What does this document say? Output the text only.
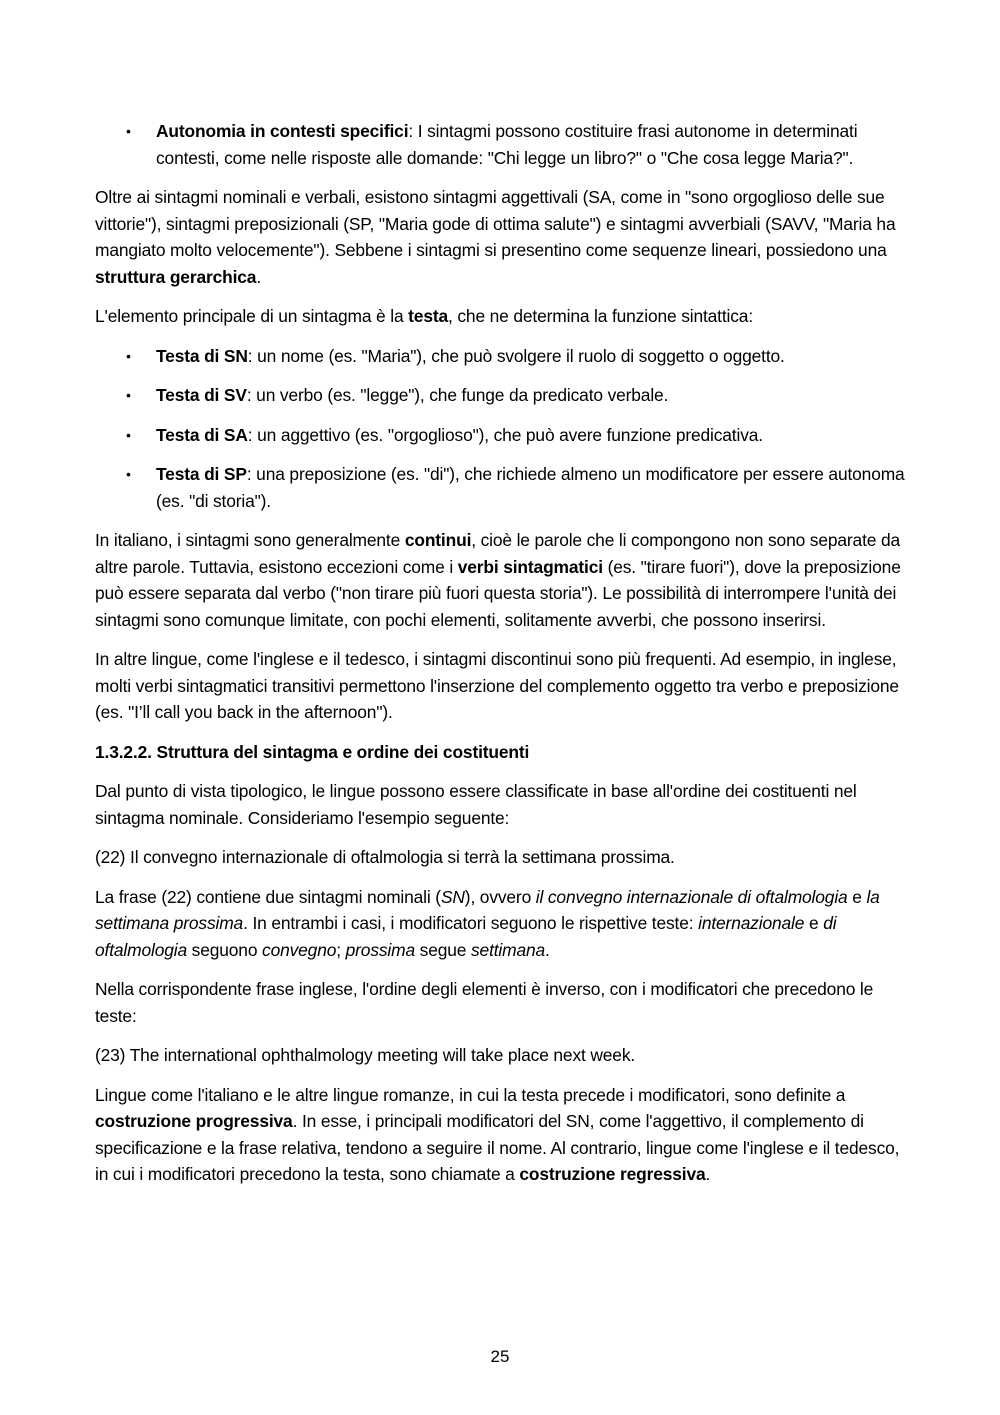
• Autonomia in contesti specifici: I sintagmi possono costituire frasi autonome in determinati contesti, come nelle risposte alle domande: "Chi legge un libro?" o "Che cosa legge Maria?".

Oltre ai sintagmi nominali e verbali, esistono sintagmi aggettivali (SA, come in "sono orgoglioso delle sue vittorie"), sintagmi preposizionali (SP, "Maria gode di ottima salute") e sintagmi avverbiali (SAVV, "Maria ha mangiato molto velocemente"). Sebbene i sintagmi si presentino come sequenze lineari, possiedono una struttura gerarchica.

L'elemento principale di un sintagma è la testa, che ne determina la funzione sintattica:

• Testa di SN: un nome (es. "Maria"), che può svolgere il ruolo di soggetto o oggetto.
• Testa di SV: un verbo (es. "legge"), che funge da predicato verbale.
• Testa di SA: un aggettivo (es. "orgoglioso"), che può avere funzione predicativa.
• Testa di SP: una preposizione (es. "di"), che richiede almeno un modificatore per essere autonoma (es. "di storia").

In italiano, i sintagmi sono generalmente continui, cioè le parole che li compongono non sono separate da altre parole. Tuttavia, esistono eccezioni come i verbi sintagmatici (es. "tirare fuori"), dove la preposizione può essere separata dal verbo ("non tirare più fuori questa storia"). Le possibilità di interrompere l'unità dei sintagmi sono comunque limitate, con pochi elementi, solitamente avverbi, che possono inserirsi.

In altre lingue, come l'inglese e il tedesco, i sintagmi discontinui sono più frequenti. Ad esempio, in inglese, molti verbi sintagmatici transitivi permettono l'inserzione del complemento oggetto tra verbo e preposizione (es. "I’ll call you back in the afternoon").

1.3.2.2. Struttura del sintagma e ordine dei costituenti

Dal punto di vista tipologico, le lingue possono essere classificate in base all'ordine dei costituenti nel sintagma nominale. Consideriamo l'esempio seguente:

(22) Il convegno internazionale di oftalmologia si terrà la settimana prossima.

La frase (22) contiene due sintagmi nominali (SN), ovvero il convegno internazionale di oftalmologia e la settimana prossima. In entrambi i casi, i modificatori seguono le rispettive teste: internazionale e di oftalmologia seguono convegno; prossima segue settimana.

Nella corrispondente frase inglese, l'ordine degli elementi è inverso, con i modificatori che precedono le teste:

(23) The international ophthalmology meeting will take place next week.

Lingue come l'italiano e le altre lingue romanze, in cui la testa precede i modificatori, sono definite a costruzione progressiva. In esse, i principali modificatori del SN, come l'aggettivo, il complemento di specificazione e la frase relativa, tendono a seguire il nome. Al contrario, lingue come l'inglese e il tedesco, in cui i modificatori precedono la testa, sono chiamate a costruzione regressiva.

25
